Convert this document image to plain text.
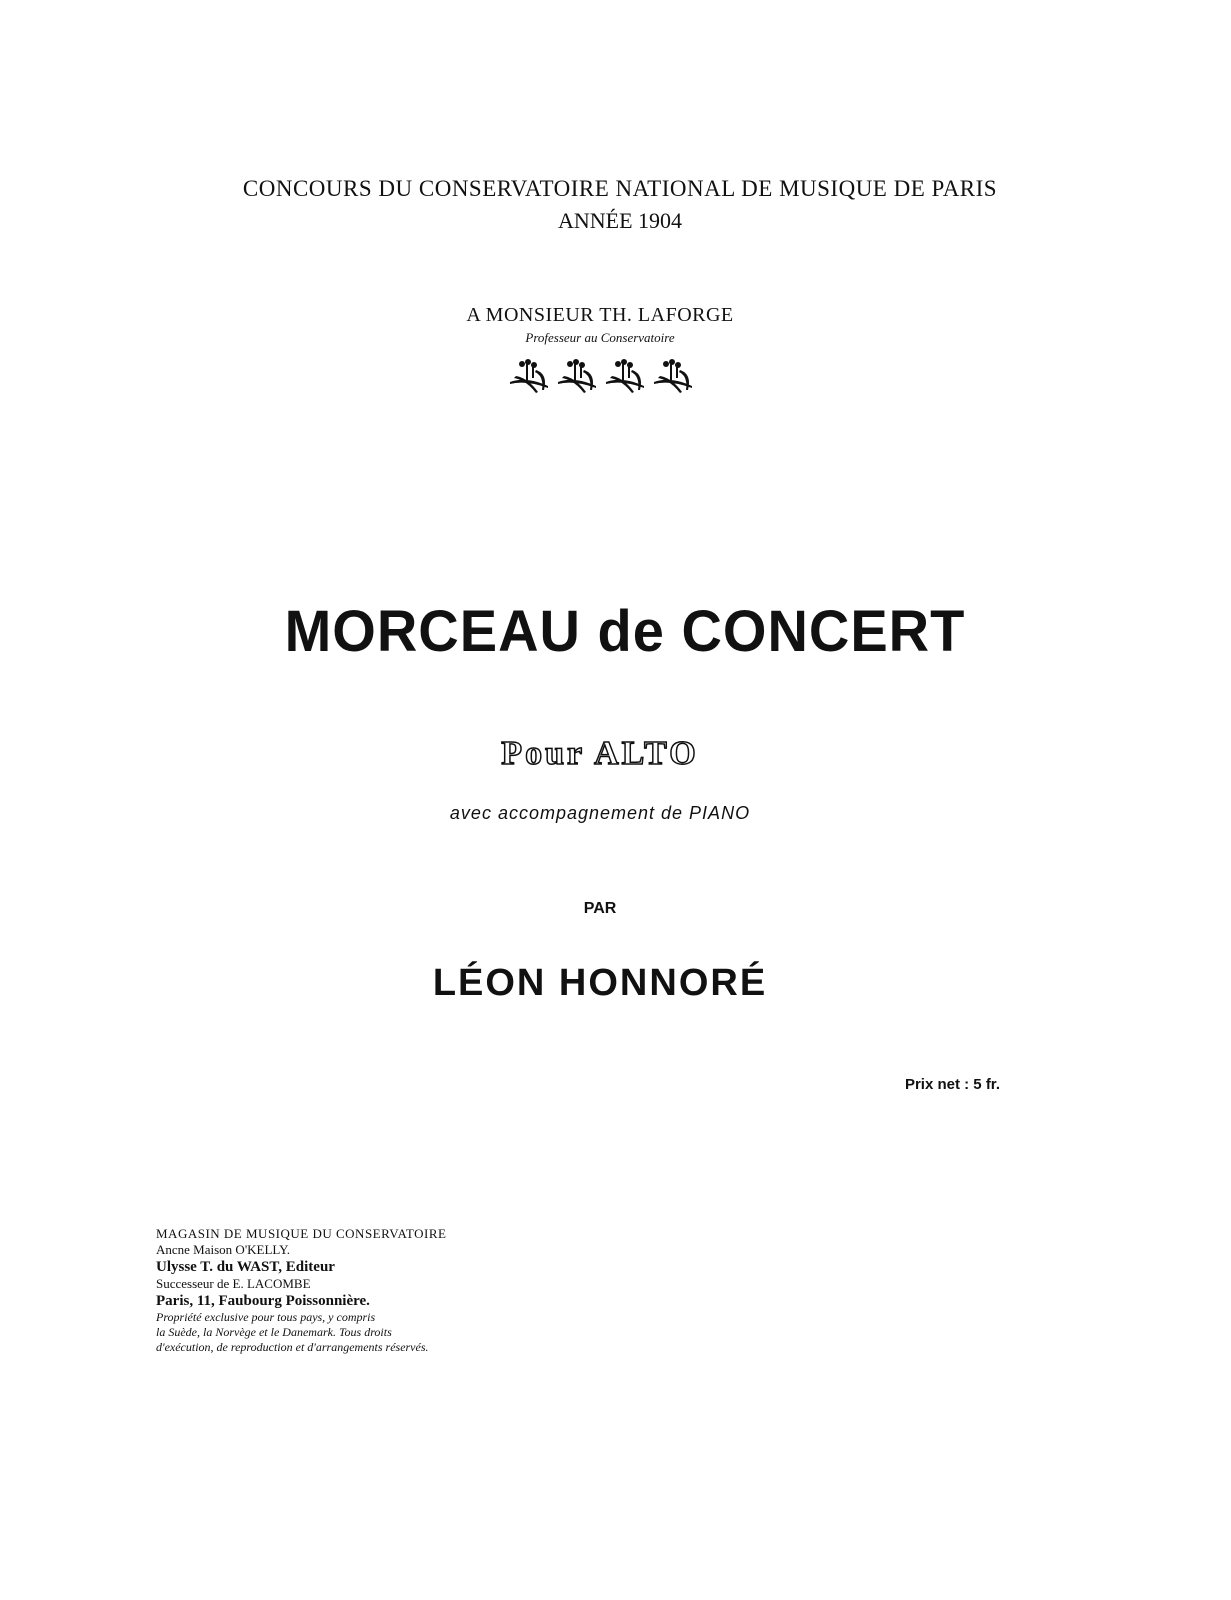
CONCOURS DU CONSERVATOIRE NATIONAL DE MUSIQUE DE PARIS
ANNÉE 1904
A MONSIEUR TH. LAFORGE
Professeur au Conservatoire
MORCEAU de CONCERT
Pour ALTO
avec accompagnement de PIANO
PAR
LÉON HONNORÉ
Prix net : 5 fr.
MAGASIN DE MUSIQUE DU CONSERVATOIRE
Ancne Maison O'KELLY.
Ulysse T. du WAST, Editeur
Successeur de E. LACOMBE
Paris, 11, Faubourg Poissonnière.
Propriété exclusive pour tous pays, y compris
la Suède, la Norvège et le Danemark. Tous droits
d'exécution, de reproduction et d'arrangements réservés.
